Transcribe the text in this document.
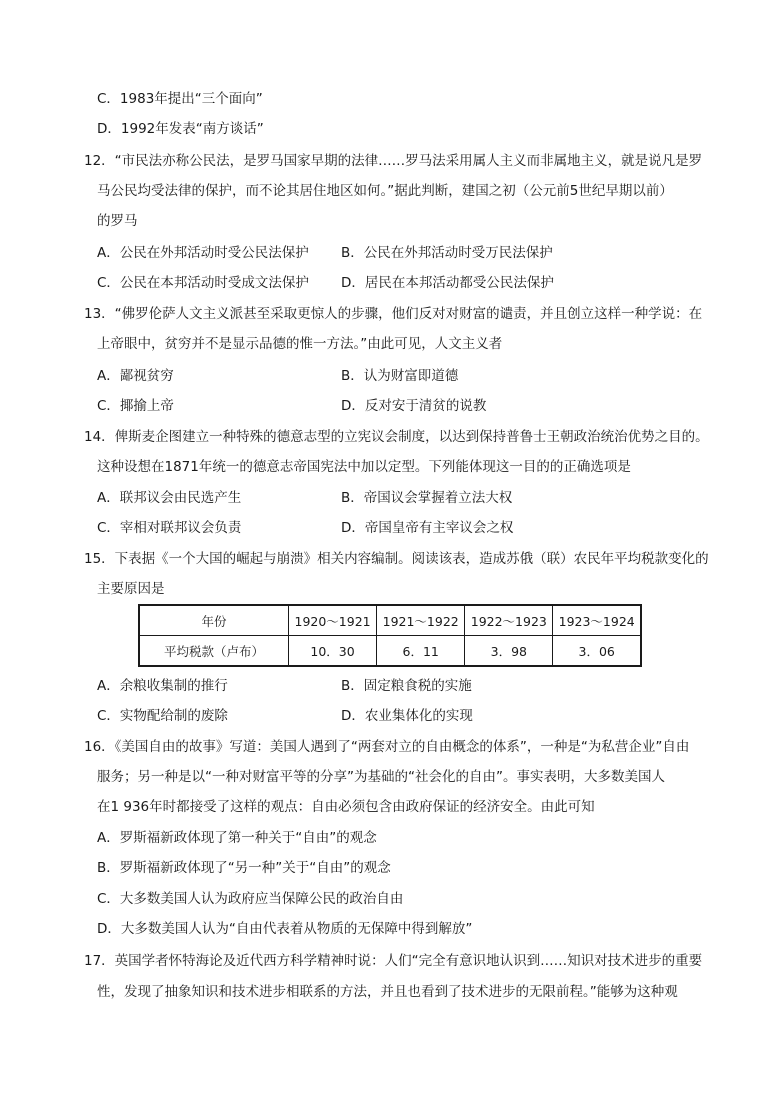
C．1983年提出“三个面向”
D．1992年发表“南方谈话”
12．“市民法亦称公民法，是罗马国家早期的法律……罗马法采用属人主义而非属地主义，就是说凡是罗
马公民均受法律的保护，而不论其居住地区如何。”据此判断，建国之初（公元前5世纪早期以前）
的罗马
A．公民在外邦活动时受公民法保护 B．公民在外邦活动时受万民法保护
C．公民在本邦活动时受成文法保护 D．居民在本邦活动都受公民法保护
13．“佛罗伦萨人文主义派甚至采取更惊人的步骤，他们反对对财富的谴责，并且创立这样一种学说：在
上帝眼中，贫穷并不是显示品德的惟一方法。”由此可见，人文主义者
A．鄙视贫穷	B．认为财富即道德
C．揶揄上帝	D．反对安于清贫的说教
14．俾斯麦企图建立一种特殊的德意志型的立宪议会制度，以达到保持普鲁士王朝政治统治优势之目的。
这种设想在1871年统一的德意志帝国宪法中加以定型。下列能体现这一目的的正确选项是
A．联邦议会由民选产生	B．帝国议会掌握着立法大权
C．宰相对联邦议会负责	D．帝国皇帝有主宰议会之权
15．下表据《一个大国的崛起与崩溃》相关内容编制。阅读该表，造成苏俄（联）农民年平均税款变化的
主要原因是
年份	1920～1921	1921～1922	1922～1923	1923～1924
平均税款（卢布）	10．30	6．11	3．98	3．06
A．余粮收集制的推行	B．固定粮食税的实施
C．实物配给制的废除	D．农业集体化的实现
16．《美国自由的故事》写道：美国人遇到了“两套对立的自由概念的体系”，一种是“为私营企业”自由
服务；另一种是以“一种对财富平等的分享”为基础的“社会化的自由”。事实表明，大多数美国人
在1 936年时都接受了这样的观点：自由必须包含由政府保证的经济安全。由此可知
A．罗斯福新政体现了第一种关于“自由”的观念
B．罗斯福新政体现了“另一种”关于“自由”的观念
C．大多数美国人认为政府应当保障公民的政治自由
D．大多数美国人认为“自由代表着从物质的无保障中得到解放”
17．英国学者怀特海论及近代西方科学精神时说：人们“完全有意识地认识到……知识对技术进步的重要
性，发现了抽象知识和技术进步相联系的方法，并且也看到了技术进步的无限前程。”能够为这种观
